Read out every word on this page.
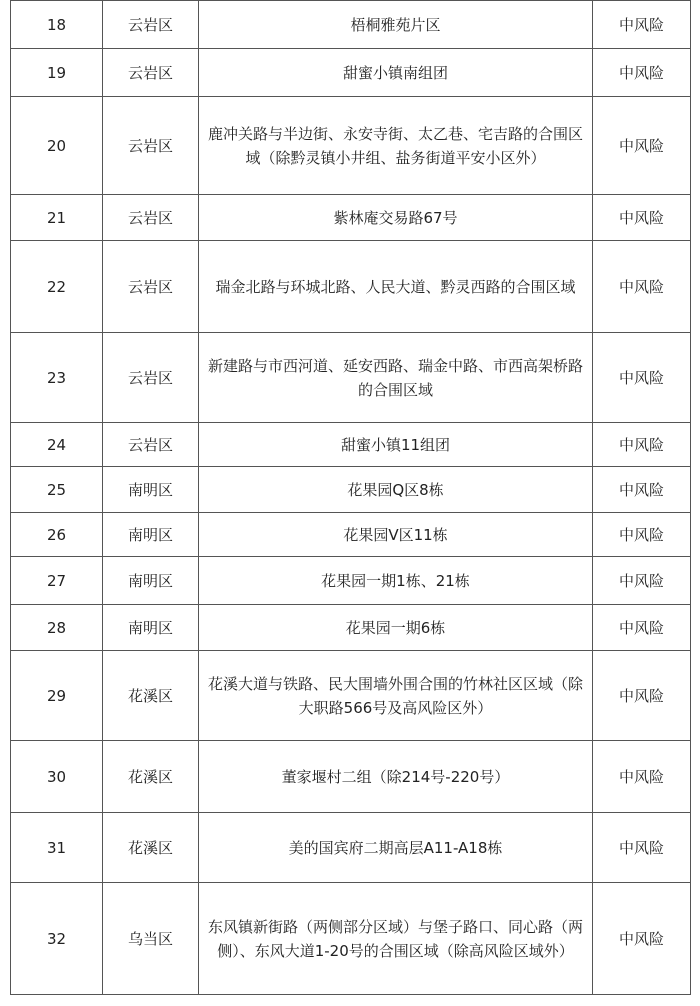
18	云岩区	梧桐雅苑片区	中风险
19	云岩区	甜蜜小镇南组团	中风险
20	云岩区	鹿冲关路与半边街、永安寺街、太乙巷、宅吉路的合围区域（除黔灵镇小井组、盐务街道平安小区外）	中风险
21	云岩区	紫林庵交易路67号	中风险
22	云岩区	瑞金北路与环城北路、人民大道、黔灵西路的合围区域	中风险
23	云岩区	新建路与市西河道、延安西路、瑞金中路、市西高架桥路的合围区域	中风险
24	云岩区	甜蜜小镇11组团	中风险
25	南明区	花果园Q区8栋	中风险
26	南明区	花果园V区11栋	中风险
27	南明区	花果园一期1栋、21栋	中风险
28	南明区	花果园一期6栋	中风险
29	花溪区	花溪大道与铁路、民大围墙外围合围的竹林社区区域（除大职路566号及高风险区外）	中风险
30	花溪区	董家堰村二组（除214号-220号）	中风险
31	花溪区	美的国宾府二期高层A11-A18栋	中风险
32	乌当区	东风镇新街路（两侧部分区域）与堡子路口、同心路（两侧）、东风大道1-20号的合围区域（除高风险区域外）	中风险
